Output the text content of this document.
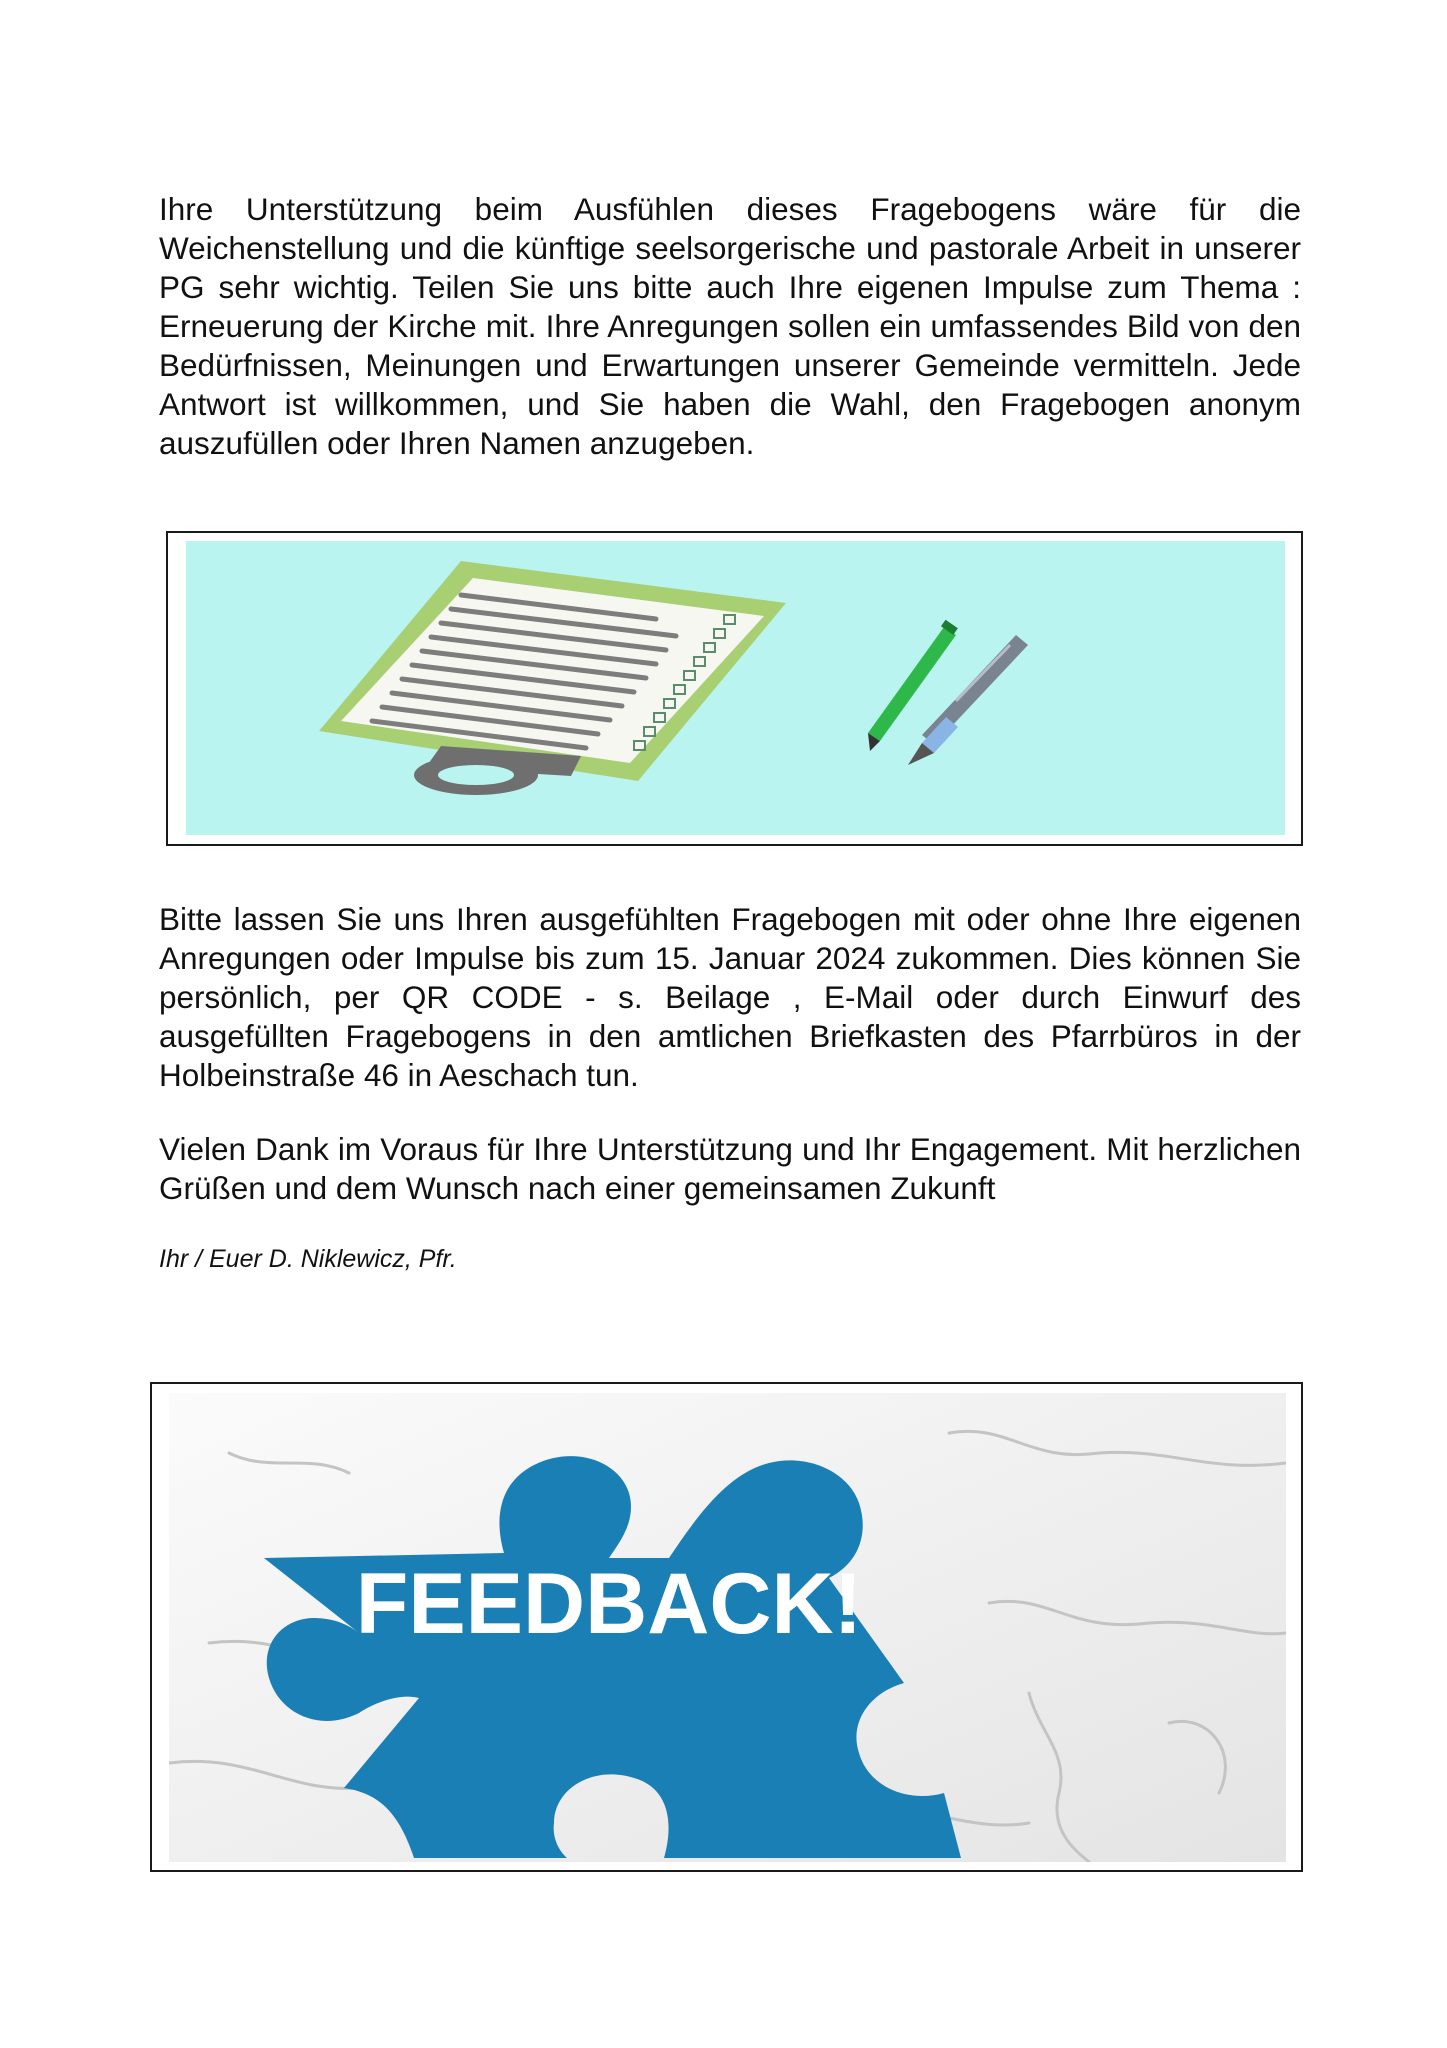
Ihre Unterstützung beim Ausfühlen dieses Fragebogens wäre für die Weichenstellung und die künftige seelsorgerische und pastorale Arbeit in unserer PG sehr wichtig. Teilen Sie uns bitte auch Ihre eigenen Impulse zum Thema : Erneuerung der Kirche mit. Ihre Anregungen sollen ein umfassendes Bild von den Bedürfnissen, Meinungen und Erwartungen unserer Gemeinde vermitteln. Jede Antwort ist willkommen, und Sie haben die Wahl, den Fragebogen anonym auszufüllen oder Ihren Namen anzugeben.

Bitte lassen Sie uns Ihren ausgefühlten Fragebogen mit oder ohne Ihre eigenen Anregungen oder Impulse bis zum 15. Januar 2024 zukommen. Dies können Sie persönlich, per QR CODE - s. Beilage , E-Mail oder durch Einwurf des ausgefüllten Fragebogens in den amtlichen Briefkasten des Pfarrbüros in der Holbeinstraße 46 in Aeschach tun.

Vielen Dank im Voraus für Ihre Unterstützung und Ihr Engagement. Mit herzlichen Grüßen und dem Wunsch nach einer gemeinsamen Zukunft

Ihr / Euer D. Niklewicz, Pfr.

FEEDBACK!
